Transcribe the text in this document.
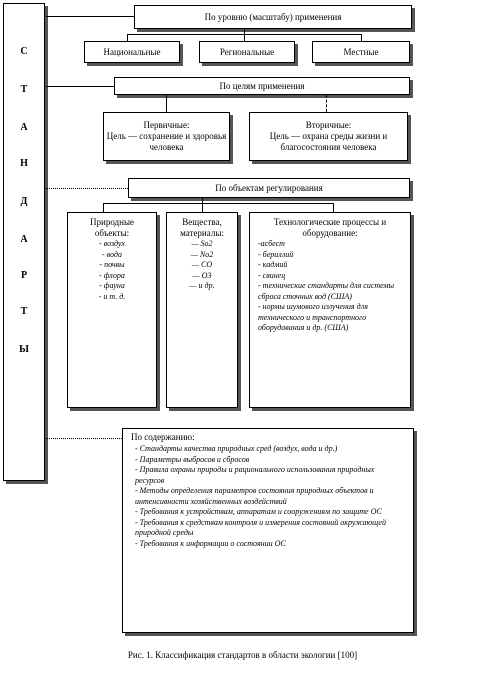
С
Т
А
Н
Д
А
Р
Т
Ы
По уровню (масштабу) применения
Национальные	Региональные	Местные
По целям применения
Первичные:
Цель — сохранение и здоровья человека
Вторичные:
Цель — охрана среды жизни и благосостояния человека
По объектам регулирования
Природные объекты:
- воздух
- вода
- почвы
- флора
- фауна
- и т. д.
Вещества, материалы:
— So2
— No2
— CO
— O3
— и др.
Технологические процессы и оборудование:
-асбест
- бериллий
- кадмий
- свинец
- технические стандарты для системы сброса сточных вод (США)
- нормы шумового излучения для технического и транспортного оборудования и др. (США)
По содержанию:
- Стандарты качества природных сред (воздух, вода и др.)
- Параметры выбросов и сбросов
- Правила охраны природы и рационального использования природных ресурсов
- Методы определения параметров состояния природных объектов и интенсивности хозяйственных воздействий
- Требования к устройствам, аппаратам и сооружениям по защите ОС
- Требования к средствам контроля и измерения состояний окружающей природной среды
- Требования к информации о состоянии ОС
Рис. 1. Классификация стандартов в области экологии [100]
